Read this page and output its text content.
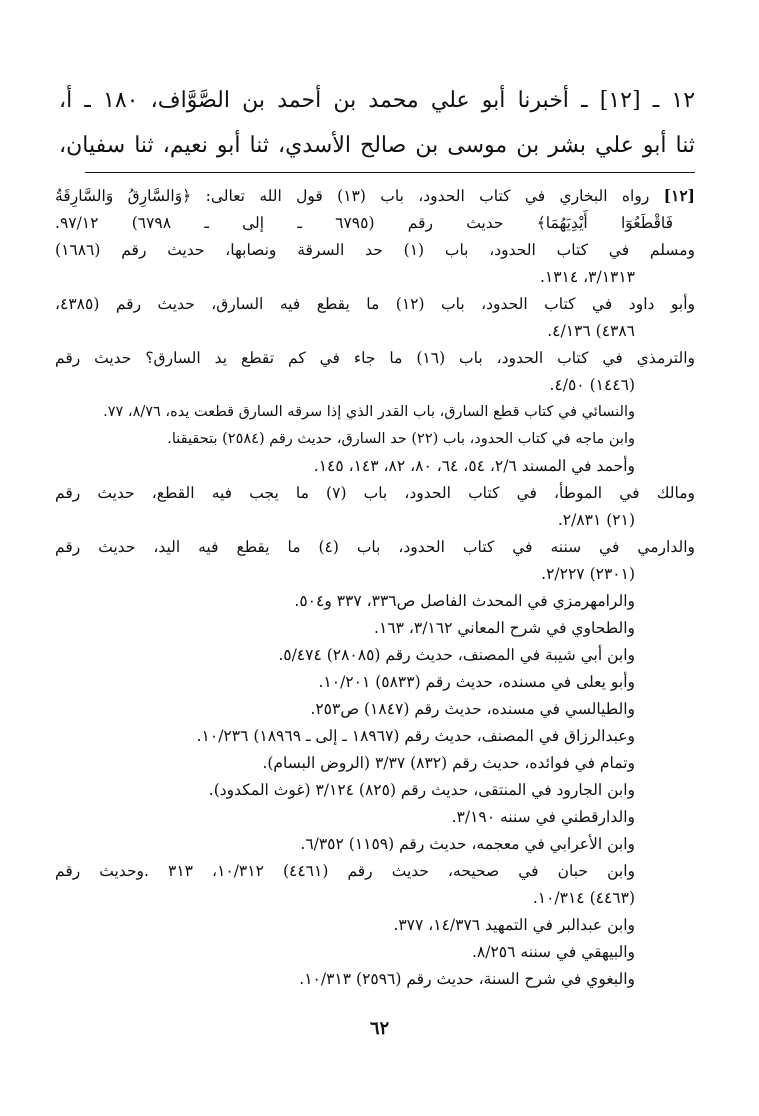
١٢ ـ [١٢] ـ أخبرنا أبو علي محمد بن أحمد بن الصَّوَّاف، ١٨٠ ـ أ،
ثنا أبو علي بشر بن موسى بن صالح الأسدي، ثنا أبو نعيم، ثنا سفيان،

[١٢] رواه البخاري في كتاب الحدود، باب (١٣) قول الله تعالى: ﴿وَالسَّارِقُ وَالسَّارِقَةُ

فَاقْطَعُوٓا أَيْدِيَهُمَا﴾ حديث رقم (٦٧٩٥ ـ إلى ـ ٦٧٩٨) ٩٧/١٢.

ومسلم في كتاب الحدود، باب (١) حد السرقة ونصابها، حديث رقم (١٦٨٦)

٣/١٣١٣، ١٣١٤.

وأبو داود في كتاب الحدود، باب (١٢) ما يقطع فيه السارق، حديث رقم (٤٣٨٥،

٤٣٨٦) ٤/١٣٦.

والترمذي في كتاب الحدود، باب (١٦) ما جاء في كم تقطع يد السارق؟ حديث رقم

(١٤٤٦) ٤/٥٠.

والنسائي في كتاب قطع السارق، باب القدر الذي إذا سرقه السارق قطعت يده، ٨/٧٦، ٧٧.

وابن ماجه في كتاب الحدود، باب (٢٢) حد السارق، حديث رقم (٢٥٨٤) بتحقيقنا.

وأحمد في المسند ٢/٦، ٥٤، ٦٤، ٨٠، ٨٢، ١٤٣، ١٤٥.

ومالك في الموطأ، في كتاب الحدود، باب (٧) ما يجب فيه القطع، حديث رقم

(٢١) ٢/٨٣١.

والدارمي في سننه في كتاب الحدود، باب (٤) ما يقطع فيه اليد، حديث رقم

(٢٣٠١) ٢/٢٢٧.

والرامهرمزي في المحدث الفاصل ص٣٣٦، ٣٣٧ و٥٠٤.

والطحاوي في شرح المعاني ٣/١٦٢، ١٦٣.

وابن أبي شيبة في المصنف، حديث رقم (٢٨٠٨٥) ٥/٤٧٤.

وأبو يعلى في مسنده، حديث رقم (٥٨٣٣) ١٠/٢٠١.

والطيالسي في مسنده، حديث رقم (١٨٤٧) ص٢٥٣.

وعبدالرزاق في المصنف، حديث رقم (١٨٩٦٧ ـ إلى ـ ١٨٩٦٩) ١٠/٢٣٦.

وتمام في فوائده، حديث رقم (٨٣٢) ٣/٣٧ (الروض البسام).

وابن الجارود في المنتقى، حديث رقم (٨٢٥) ٣/١٢٤ (غوث المكدود).

والدارقطني في سننه ٣/١٩٠.

وابن الأعرابي في معجمه، حديث رقم (١١٥٩) ٦/٣٥٢.

وابن حبان في صحيحه، حديث رقم (٤٤٦١) ١٠/٣١٢، ٣١٣ .وحديث رقم

(٤٤٦٣) ١٠/٣١٤.

وابن عبدالبر في التمهيد ١٤/٣٧٦، ٣٧٧.

والبيهقي في سننه ٨/٢٥٦.

والبغوي في شرح السنة، حديث رقم (٢٥٩٦) ١٠/٣١٣.

٦٢
